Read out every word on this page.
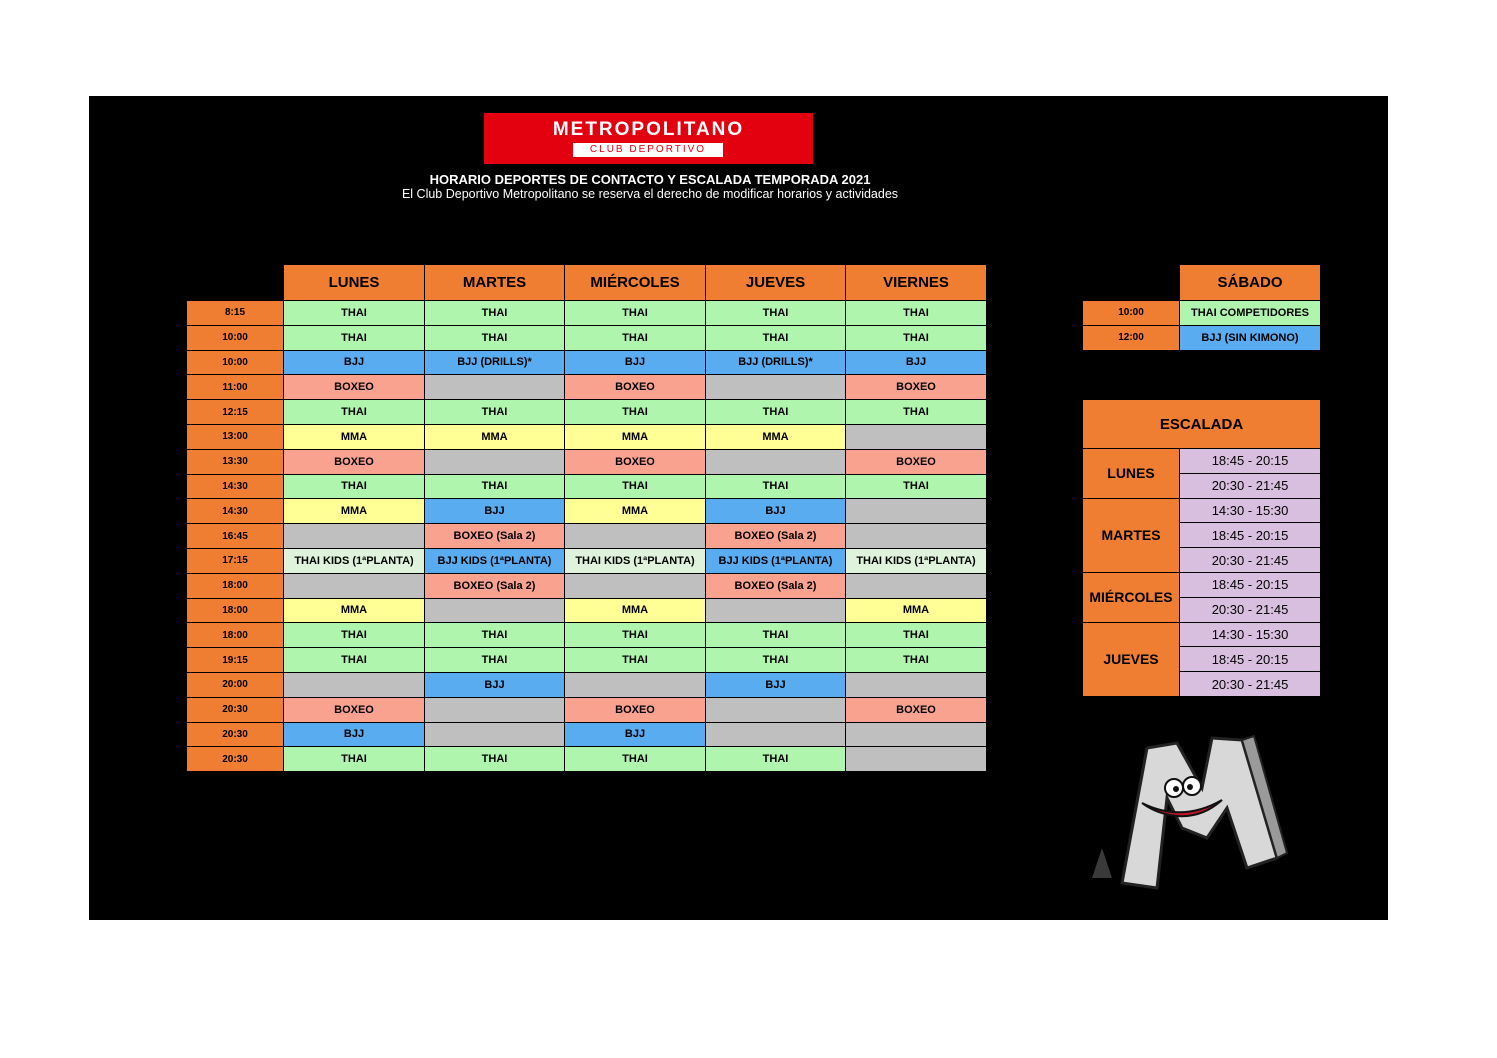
METROPOLITANO
CLUB DEPORTIVO
HORARIO DEPORTES DE CONTACTO Y ESCALADA TEMPORADA 2021
El Club Deportivo Metropolitano se reserva el derecho de modificar horarios y actividades
	LUNES	MARTES	MIÉRCOLES	JUEVES	VIERNES
8:15	THAI	THAI	THAI	THAI	THAI
10:00	THAI	THAI	THAI	THAI	THAI
10:00	BJJ	BJJ (DRILLS)*	BJJ	BJJ (DRILLS)*	BJJ
11:00	BOXEO		BOXEO		BOXEO
12:15	THAI	THAI	THAI	THAI	THAI
13:00	MMA	MMA	MMA	MMA	
13:30	BOXEO		BOXEO		BOXEO
14:30	THAI	THAI	THAI	THAI	THAI
14:30	MMA	BJJ	MMA	BJJ	
16:45		BOXEO (Sala 2)		BOXEO (Sala 2)	
17:15	THAI KIDS (1ªPLANTA)	BJJ KIDS (1ªPLANTA)	THAI KIDS (1ªPLANTA)	BJJ KIDS (1ªPLANTA)	THAI KIDS (1ªPLANTA)
18:00		BOXEO (Sala 2)		BOXEO (Sala 2)	
18:00	MMA		MMA		MMA
18:00	THAI	THAI	THAI	THAI	THAI
19:15	THAI	THAI	THAI	THAI	THAI
20:00		BJJ		BJJ	
20:30	BOXEO		BOXEO		BOXEO
20:30	BJJ		BJJ		
20:30	THAI	THAI	THAI	THAI	
	SÁBADO
10:00	THAI COMPETIDORES
12:00	BJJ (SIN KIMONO)
ESCALADA	
LUNES	18:45 - 20:15
	20:30 - 21:45
MARTES	14:30 - 15:30
	18:45 - 20:15
	20:30 - 21:45
MIÉRCOLES	18:45 - 20:15
	20:30 - 21:45
JUEVES	14:30 - 15:30
	18:45 - 20:15
	20:30 - 21:45
